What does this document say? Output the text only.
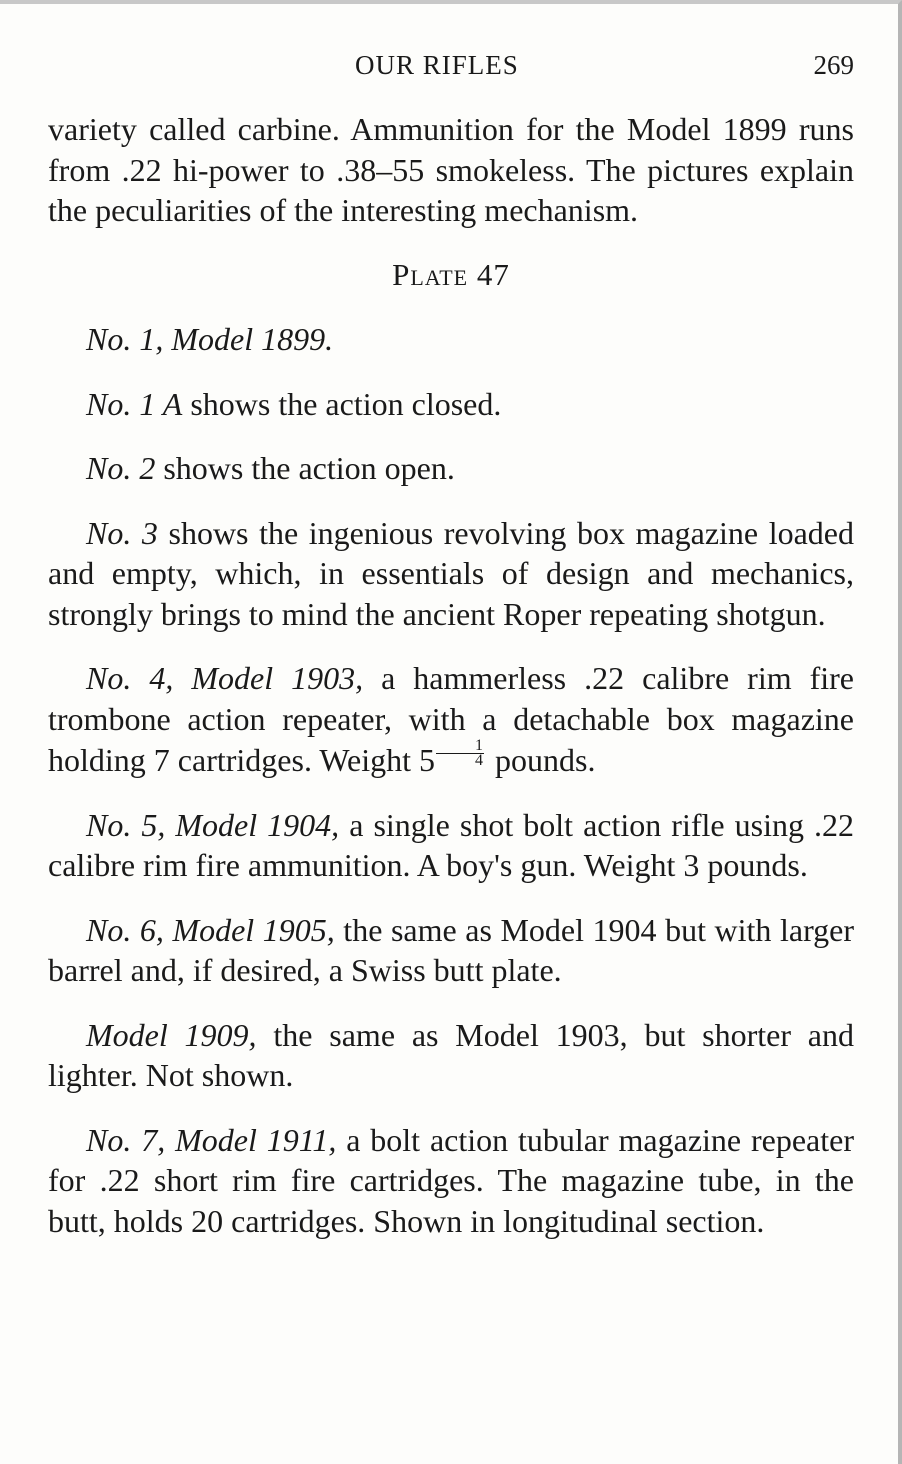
OUR RIFLES	269

variety called carbine. Ammunition for the Model 1899 runs from .22 hi-power to .38–55 smokeless. The pictures explain the peculiarities of the interesting mechanism.

Plate 47

No. 1, Model 1899.

No. 1 A shows the action closed.

No. 2 shows the action open.

No. 3 shows the ingenious revolving box magazine loaded and empty, which, in essentials of design and mechanics, strongly brings to mind the ancient Roper repeating shotgun.

No. 4, Model 1903, a hammerless .22 calibre rim fire trombone action repeater, with a detachable box magazine holding 7 cartridges. Weight $5 \frac{1}{4}$ pounds.

No. 5, Model 1904, a single shot bolt action rifle using .22 calibre rim fire ammunition. A boy's gun. Weight 3 pounds.

No. 6, Model 1905, the same as Model 1904 but with larger barrel and, if desired, a Swiss butt plate.

Model 1909, the same as Model 1903, but shorter and lighter. Not shown.

No. 7, Model 1911, a bolt action tubular magazine repeater for .22 short rim fire cartridges. The magazine tube, in the butt, holds 20 cartridges. Shown in longitudinal section.
